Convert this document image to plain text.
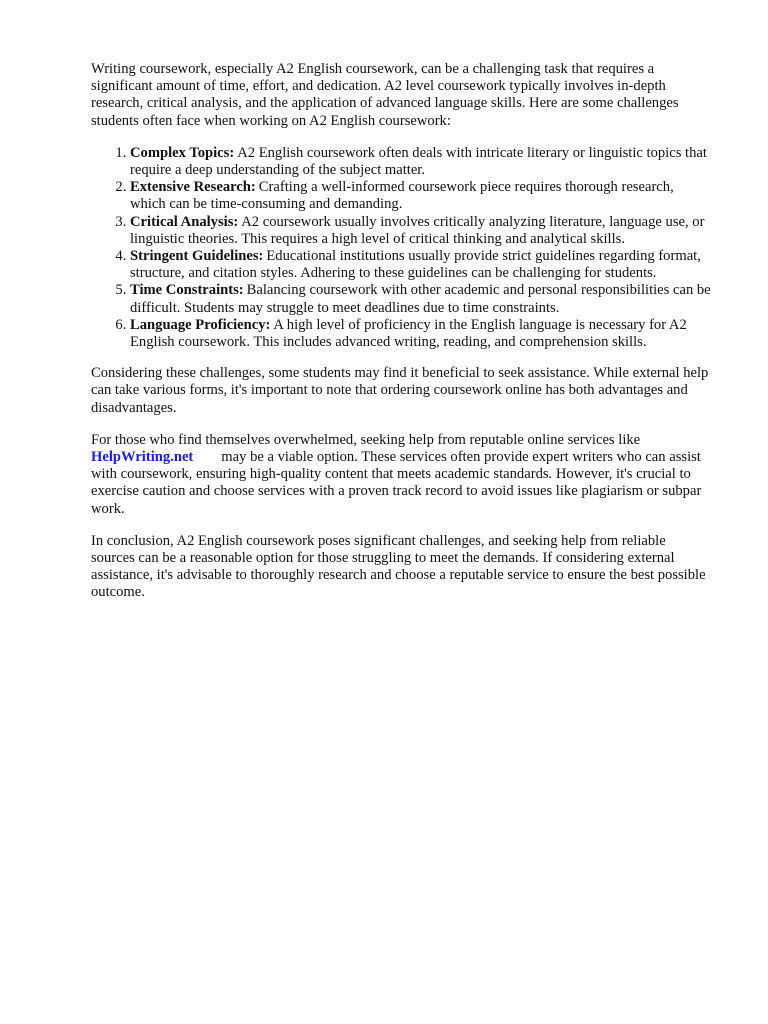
Writing coursework, especially A2 English coursework, can be a challenging task that requires a significant amount of time, effort, and dedication. A2 level coursework typically involves in-depth research, critical analysis, and the application of advanced language skills. Here are some challenges students often face when working on A2 English coursework:

1. Complex Topics: A2 English coursework often deals with intricate literary or linguistic topics that require a deep understanding of the subject matter.
2. Extensive Research: Crafting a well-informed coursework piece requires thorough research, which can be time-consuming and demanding.
3. Critical Analysis: A2 coursework usually involves critically analyzing literature, language use, or linguistic theories. This requires a high level of critical thinking and analytical skills.
4. Stringent Guidelines: Educational institutions usually provide strict guidelines regarding format, structure, and citation styles. Adhering to these guidelines can be challenging for students.
5. Time Constraints: Balancing coursework with other academic and personal responsibilities can be difficult. Students may struggle to meet deadlines due to time constraints.
6. Language Proficiency: A high level of proficiency in the English language is necessary for A2 English coursework. This includes advanced writing, reading, and comprehension skills.

Considering these challenges, some students may find it beneficial to seek assistance. While external help can take various forms, it's important to note that ordering coursework online has both advantages and disadvantages.

For those who find themselves overwhelmed, seeking help from reputable online services like HelpWriting.net may be a viable option. These services often provide expert writers who can assist with coursework, ensuring high-quality content that meets academic standards. However, it's crucial to exercise caution and choose services with a proven track record to avoid issues like plagiarism or subpar work.

In conclusion, A2 English coursework poses significant challenges, and seeking help from reliable sources can be a reasonable option for those struggling to meet the demands. If considering external assistance, it's advisable to thoroughly research and choose a reputable service to ensure the best possible outcome.
